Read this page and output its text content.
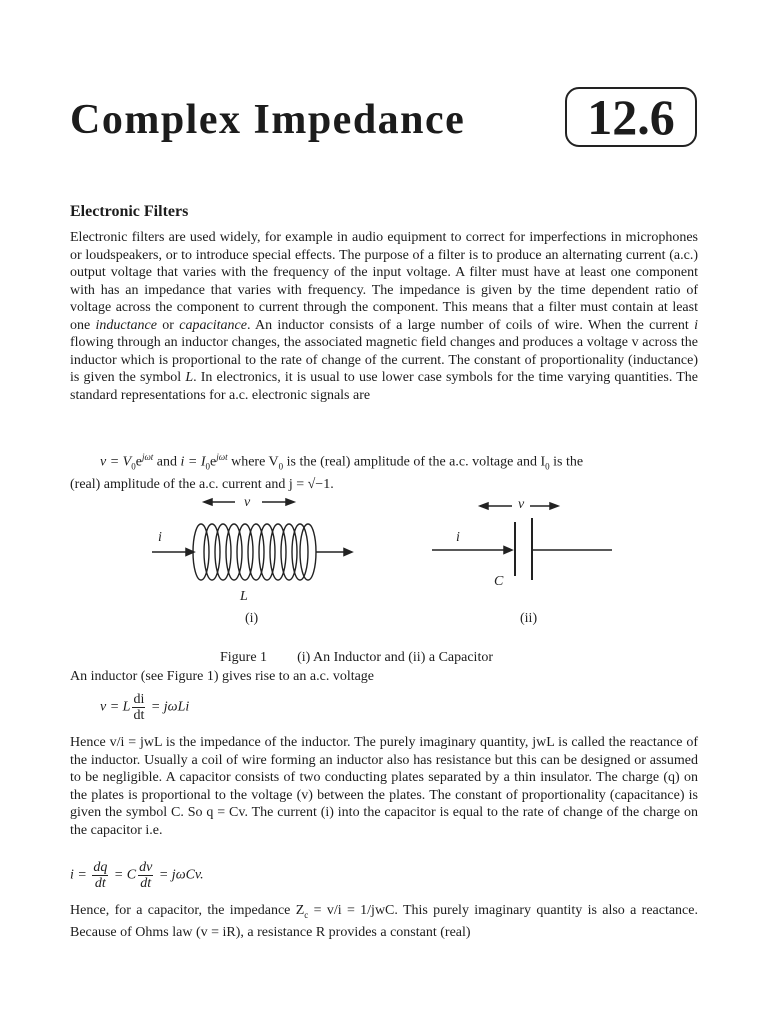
Complex Impedance	12.6
Electronic Filters

Electronic filters are used widely, for example in audio equipment to correct for imperfections in microphones or loudspeakers, or to introduce special effects. The purpose of a filter is to produce an alternating current (a.c.) output voltage that varies with the frequency of the input voltage. A filter must have at least one component with has an impedance that varies with frequency. The impedance is given by the time dependent ratio of voltage across the component to current through the component. This means that a filter must contain at least one inductance or capacitance. An inductor consists of a large number of coils of wire. When the current i flowing through an inductor changes, the associated magnetic field changes and produces a voltage v across the inductor which is proportional to the rate of change of the current. The constant of proportionality (inductance) is given the symbol L. In electronics, it is usual to use lower case symbols for the time varying quantities. The standard representations for a.c. electronic signals are

$v = V_0e^{j\omega t}$ and $i = I_0e^{j\omega t}$ where $V_0$ is the (real) amplitude of the a.c. voltage and $I_0$ is the
(real) amplitude of the a.c. current and j = √−1.

v
i
L
(i)
v
i
C
(ii)

Figure 1 (i) An Inductor and (ii) a Capacitor

An inductor (see Figure 1) gives rise to an a.c. voltage

v = L $\frac{di}{dt} = j\omega Li$

Hence v/i = jwL is the impedance of the inductor. The purely imaginary quantity, jwL is called the reactance of the inductor. Usually a coil of wire forming an inductor also has resistance but this can be designed or assumed to be negligible. A capacitor consists of two conducting plates separated by a thin insulator. The charge (q) on the plates is proportional to the voltage (v) between the plates. The constant of proportionality (capacitance) is given the symbol C. So q = Cv. The current (i) into the capacitor is equal to the rate of change of the charge on the capacitor i.e.

$i = \frac{dq}{dt} = C \frac{dv}{dt} = j\omega Cv$.

Hence, for a capacitor, the impedance $Z_c = v/i = 1/jwC$. This purely imaginary quantity is also a reactance. Because of Ohms law (v = iR), a resistance R provides a constant (real)
